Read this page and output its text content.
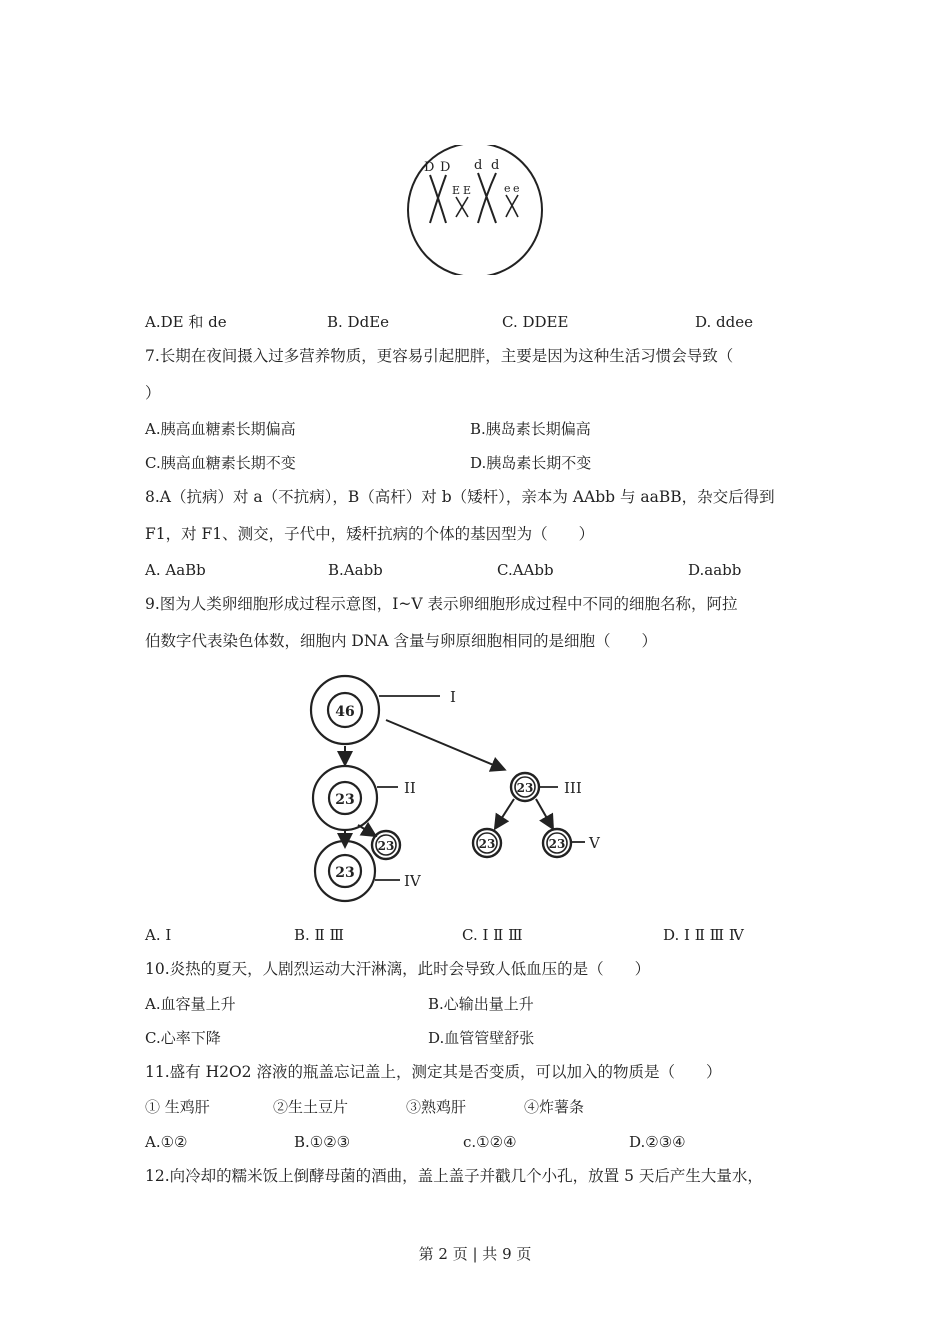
D D d d
E E	e e
A.DE 和 de	B. DdEe	C. DDEE	D. ddee
7.长期在夜间摄入过多营养物质，更容易引起肥胖，主要是因为这种生活习惯会导致（
）
A.胰高血糖素长期偏高	B.胰岛素长期偏高
C.胰高血糖素长期不变	D.胰岛素长期不变
8.A（抗病）对 a（不抗病），B（高杆）对 b（矮杆），亲本为 AAbb 与 aaBB，杂交后得到
F1，对 F1、测交，子代中，矮杆抗病的个体的基因型为（　　）
A. AaBb	B.Aabb	C.AAbb	D.aabb
9.图为人类卵细胞形成过程示意图，Ⅰ~Ⅴ 表示卵细胞形成过程中不同的细胞名称，阿拉
伯数字代表染色体数，细胞内 DNA 含量与卵原细胞相同的是细胞（　　）
46
I
23
II	23 III
23
23	IV
23	23 V
A. Ⅰ	B. Ⅱ Ⅲ	C. Ⅰ Ⅱ Ⅲ	D. Ⅰ Ⅱ Ⅲ Ⅳ
10.炎热的夏天，人剧烈运动大汗淋漓，此时会导致人低血压的是（　　）
A.血容量上升	B.心输出量上升
C.心率下降	D.血管管壁舒张
11.盛有 H2O2 溶液的瓶盖忘记盖上，测定其是否变质，可以加入的物质是（　　）
① 生鸡肝	②生土豆片	③熟鸡肝	④炸薯条
A.①②	B.①②③	c.①②④	D.②③④
12.向冷却的糯米饭上倒酵母菌的酒曲，盖上盖子并戳几个小孔，放置 5 天后产生大量水，
第 2 页 | 共 9 页
